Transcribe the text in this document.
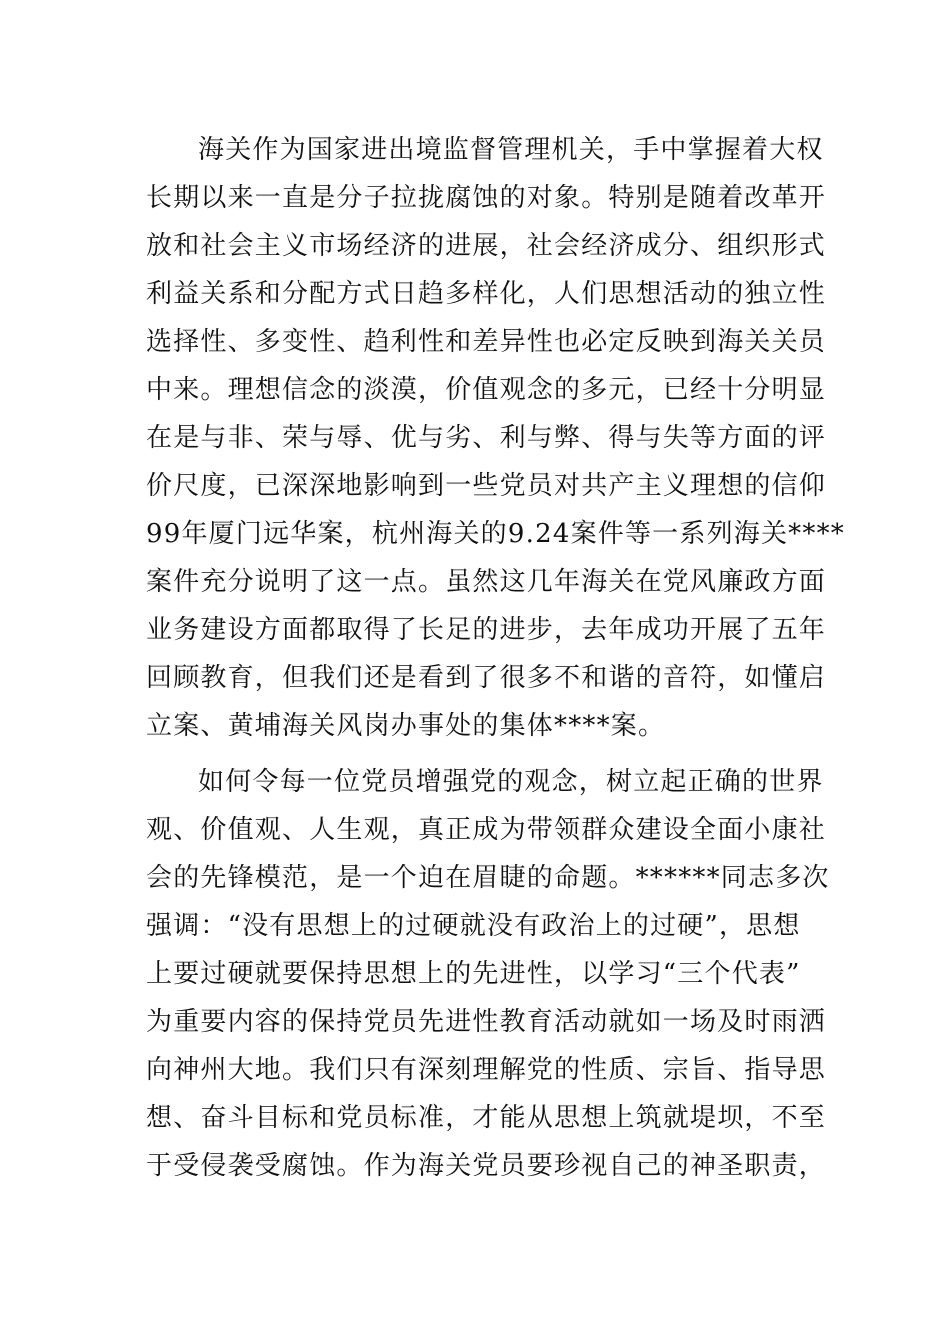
海关作为国家进出境监督管理机关，手中掌握着大权
长期以来一直是分子拉拢腐蚀的对象。特别是随着改革开
放和社会主义市场经济的进展，社会经济成分、组织形式
利益关系和分配方式日趋多样化，人们思想活动的独立性
选择性、多变性、趋利性和差异性也必定反映到海关关员
中来。理想信念的淡漠，价值观念的多元，已经十分明显
在是与非、荣与辱、优与劣、利与弊、得与失等方面的评
价尺度，已深深地影响到一些党员对共产主义理想的信仰
99年厦门远华案，杭州海关的9.24案件等一系列海关****
案件充分说明了这一点。虽然这几年海关在党风廉政方面
业务建设方面都取得了长足的进步，去年成功开展了五年
回顾教育，但我们还是看到了很多不和谐的音符，如懂启
立案、黄埔海关风岗办事处的集体****案。
如何令每一位党员增强党的观念，树立起正确的世界
观、价值观、人生观，真正成为带领群众建设全面小康社
会的先锋模范，是一个迫在眉睫的命题。******同志多次
强调：“没有思想上的过硬就没有政治上的过硬”，思想
上要过硬就要保持思想上的先进性，以学习“三个代表”
为重要内容的保持党员先进性教育活动就如一场及时雨洒
向神州大地。我们只有深刻理解党的性质、宗旨、指导思
想、奋斗目标和党员标准，才能从思想上筑就堤坝，不至
于受侵袭受腐蚀。作为海关党员要珍视自己的神圣职责，
